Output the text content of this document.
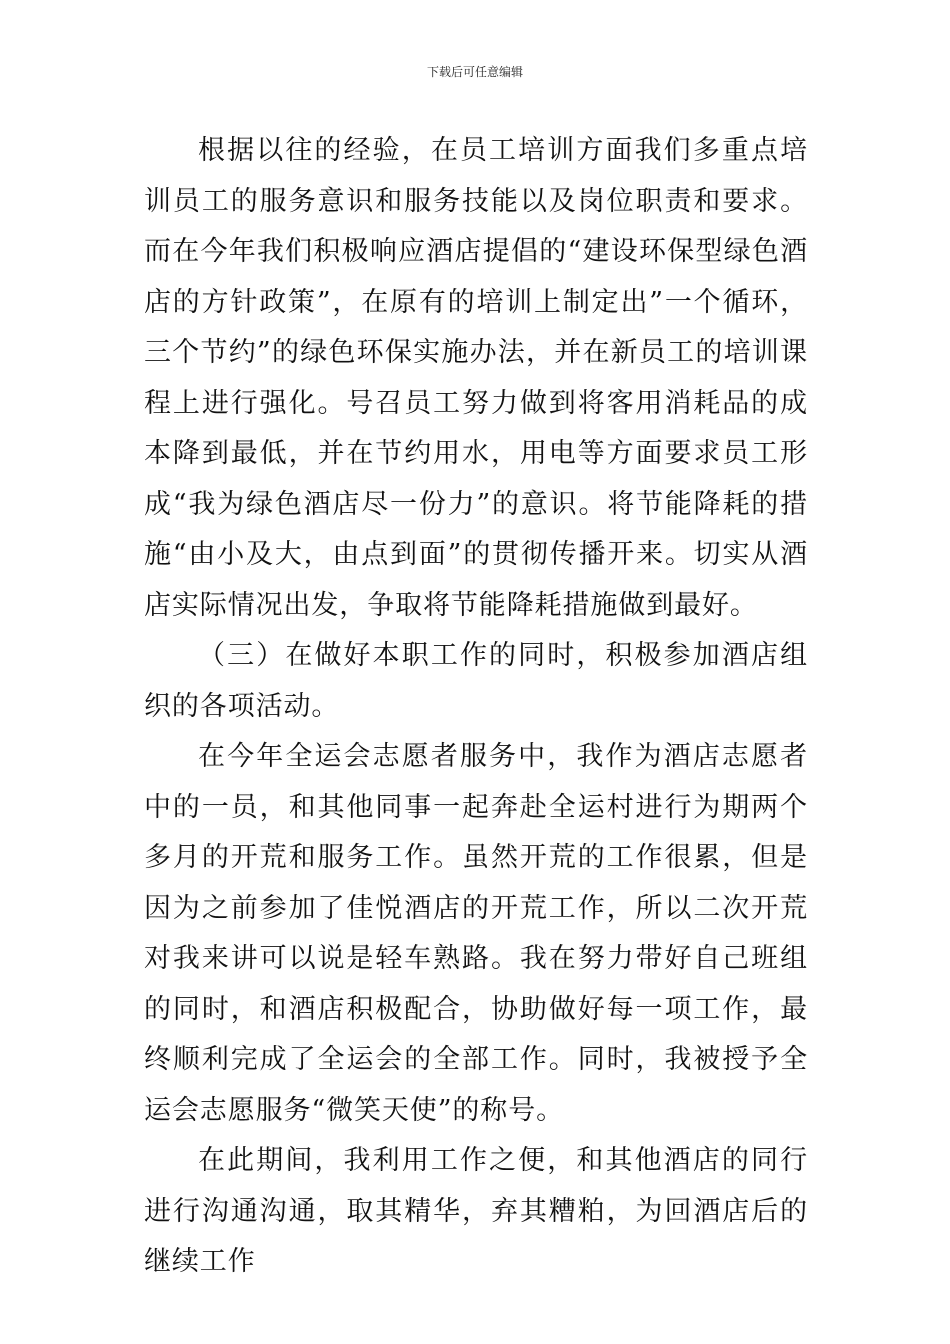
下载后可任意编辑

根据以往的经验，在员工培训方面我们多重点培训员工的服务意识和服务技能以及岗位职责和要求。而在今年我们积极响应酒店提倡的“建设环保型绿色酒店的方针政策”，在原有的培训上制定出”一个循环，三个节约”的绿色环保实施办法，并在新员工的培训课程上进行强化。号召员工努力做到将客用消耗品的成本降到最低，并在节约用水，用电等方面要求员工形成“我为绿色酒店尽一份力”的意识。将节能降耗的措施“由小及大，由点到面”的贯彻传播开来。切实从酒店实际情况出发，争取将节能降耗措施做到最好。

（三）在做好本职工作的同时，积极参加酒店组织的各项活动。

在今年全运会志愿者服务中，我作为酒店志愿者中的一员，和其他同事一起奔赴全运村进行为期两个多月的开荒和服务工作。虽然开荒的工作很累，但是因为之前参加了佳悦酒店的开荒工作，所以二次开荒对我来讲可以说是轻车熟路。我在努力带好自己班组的同时，和酒店积极配合，协助做好每一项工作，最终顺利完成了全运会的全部工作。同时，我被授予全运会志愿服务“微笑天使”的称号。

在此期间，我利用工作之便，和其他酒店的同行进行沟通沟通，取其精华，弃其糟粕，为回酒店后的继续工作
